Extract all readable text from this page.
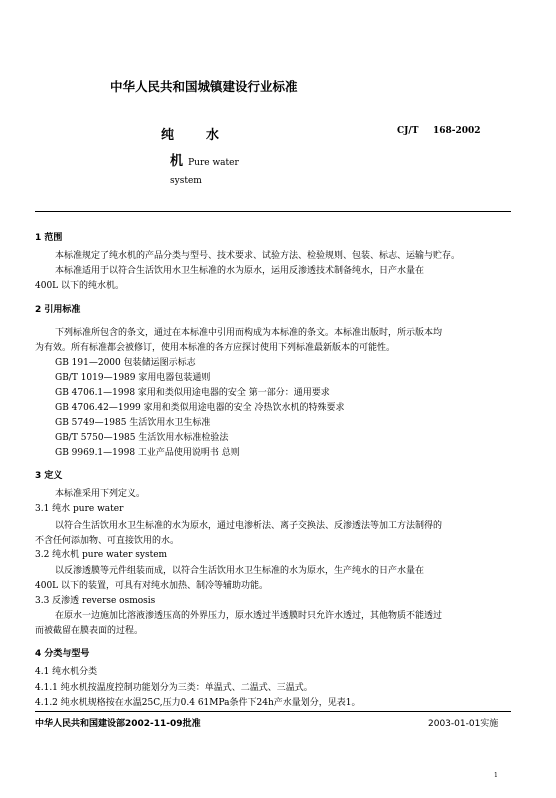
中华人民共和国城镇建设行业标准
纯水	CJ/T 168-2002
机 Pure water
system
1 范围
本标准规定了纯水机的产品分类与型号、技术要求、试验方法、检验规则、包装、标志、运输与贮存。
本标准适用于以符合生活饮用水卫生标准的水为原水，运用反渗透技术制备纯水，日产水量在
400L 以下的纯水机。
2 引用标准
下列标准所包含的条文，通过在本标准中引用而构成为本标准的条文。本标准出版时，所示版本均
为有效。所有标准都会被修订，使用本标准的各方应探讨使用下列标准最新版本的可能性。
GB 191—2000 包装储运图示标志
GB/T 1019—1989 家用电器包装通则
GB 4706.1—1998 家用和类似用途电器的安全 第一部分：通用要求
GB 4706.42—1999 家用和类似用途电器的安全 冷热饮水机的特殊要求
GB 5749—1985 生活饮用水卫生标准
GB/T 5750—1985 生活饮用水标准检验法
GB 9969.1—1998 工业产品使用说明书 总则
3 定义
本标准采用下列定义。
3.1 纯水 pure water
以符合生活饮用水卫生标准的水为原水，通过电渗析法、离子交换法、反渗透法等加工方法制得的
不含任何添加物、可直接饮用的水。
3.2 纯水机 pure water system
以反渗透膜等元件组装而成，以符合生活饮用水卫生标准的水为原水，生产纯水的日产水量在
400L 以下的装置，可具有对纯水加热、制冷等辅助功能。
3.3 反渗透 reverse osmosis
在原水一边施加比溶液渗透压高的外界压力，原水透过半透膜时只允许水透过，其他物质不能透过
而被截留在膜表面的过程。
4 分类与型号
4.1 纯水机分类
4.1.1 纯水机按温度控制功能划分为三类：单温式、二温式、三温式。
4.1.2 纯水机规格按在水温25C,压力0.4 61MPa条件下24h产水量划分，见表1。
中华人民共和国建设部2002-11-09批准	2003-01-01实施
1
